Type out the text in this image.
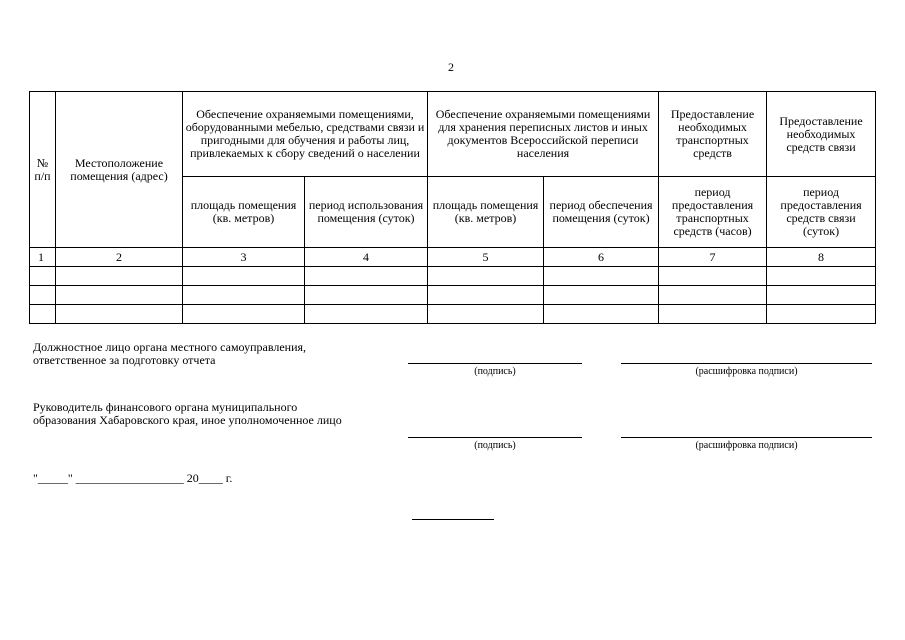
2
№ п/п	Местоположение помещения (адрес)	Обеспечение охраняемыми помещениями, оборудованными мебелью, средствами связи и пригодными для обучения и работы лиц, привлекаемых к сбору сведений о населении		Обеспечение охраняемыми помещениями для хранения переписных листов и иных документов Всероссийской переписи населения		Предоставление необходимых транспортных средств	Предоставление необходимых средств связи
		площадь помещения (кв. метров)	период использования помещения (суток)	площадь помещения (кв. метров)	период обеспечения помещения (суток)	период предоставления транспортных средств (часов)	период предоставления средств связи (суток)
1	2	3	4	5	6	7	8

Должностное лицо органа местного самоуправления, ответственное за подготовку отчета
(подпись)	(расшифровка подписи)
Руководитель финансового органа муниципального образования Хабаровского края, иное уполномоченное лицо
(подпись)	(расшифровка подписи)
"_____" __________________ 20____ г.
